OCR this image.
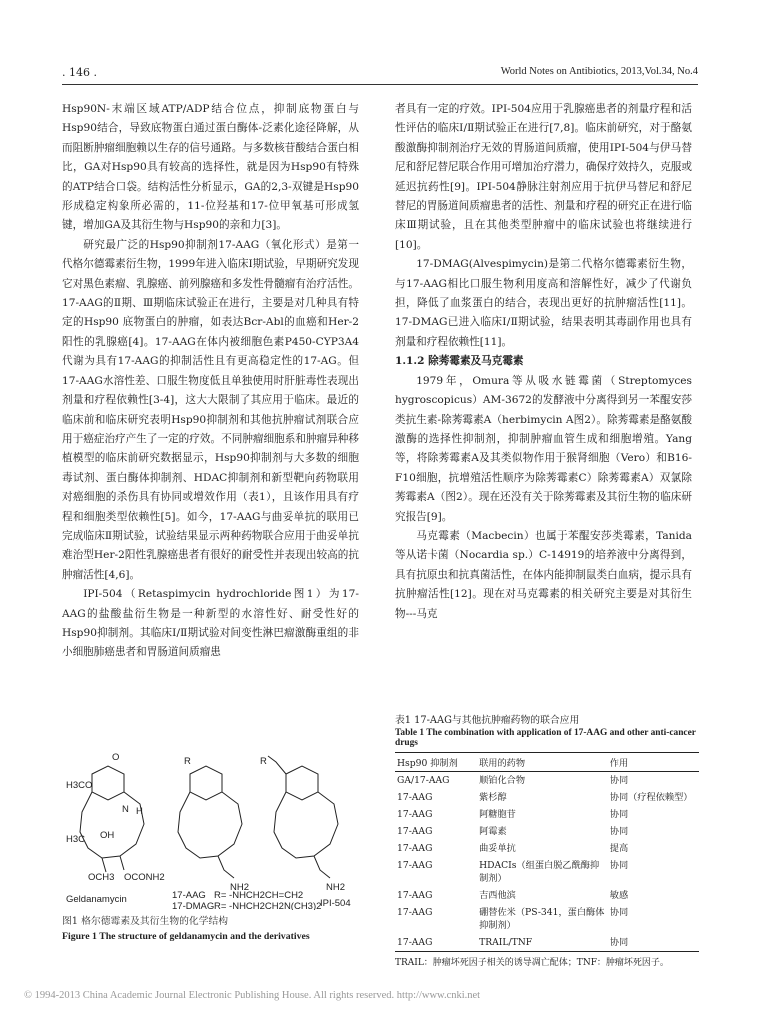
. 146 .	World Notes on Antibiotics, 2013,Vol.34, No.4

Hsp90N-末端区域ATP/ADP结合位点，抑制底物蛋白与Hsp90结合，导致底物蛋白通过蛋白酶体-泛素化途径降解，从而阻断肿瘤细胞赖以生存的信号通路。与多数核苷酸结合蛋白相比，GA对Hsp90具有较高的选择性，就是因为Hsp90有特殊的ATP结合口袋。结构活性分析显示，GA的2,3-双键是Hsp90形成稳定构象所必需的，11-位羟基和17-位甲氧基可形成氢键，增加GA及其衍生物与Hsp90的亲和力[3]。

研究最广泛的Hsp90抑制剂17-AAG（氧化形式）是第一代格尔德霉素衍生物，1999年进入临床I期试验，早期研究发现它对黑色素瘤、乳腺癌、前列腺癌和多发性骨髓瘤有治疗活性。17-AAG的Ⅱ期、Ⅲ期临床试验正在进行，主要是对几种具有特定的Hsp90 底物蛋白的肿瘤，如表达Bcr-Abl的血癌和Her-2阳性的乳腺癌[4]。17-AAG在体内被细胞色素P450-CYP3A4代谢为具有17-AAG的抑制活性且有更高稳定性的17-AG。但17-AAG水溶性差、口服生物度低且单独使用时肝脏毒性表现出剂量和疗程依赖性[3-4]，这大大限制了其应用于临床。最近的临床前和临床研究表明Hsp90抑制剂和其他抗肿瘤试剂联合应用于癌症治疗产生了一定的疗效。不同肿瘤细胞系和肿瘤异种移植模型的临床前研究数据显示，Hsp90抑制剂与大多数的细胞毒试剂、蛋白酶体抑制剂、HDAC抑制剂和新型靶向药物联用对癌细胞的杀伤具有协同或增效作用（表1），且该作用具有疗程和细胞类型依赖性[5]。如今，17-AAG与曲妥单抗的联用已完成临床Ⅱ期试验，试验结果显示两种药物联合应用于曲妥单抗难治型Her-2阳性乳腺癌患者有很好的耐受性并表现出较高的抗肿瘤活性[4,6]。

IPI-504（Retaspimycin hydrochloride图1）为17-AAG的盐酸盐衍生物是一种新型的水溶性好、耐受性好的Hsp90抑制剂。其临床Ⅰ/Ⅱ期试验对间变性淋巴瘤激酶重组的非小细胞肺癌患者和胃肠道间质瘤患

者具有一定的疗效。IPI-504应用于乳腺癌患者的剂量疗程和活性评估的临床Ⅰ/Ⅱ期试验正在进行[7,8]。临床前研究，对于酪氨酸激酶抑制剂治疗无效的胃肠道间质瘤，使用IPI-504与伊马替尼和舒尼替尼联合作用可增加治疗潜力，确保疗效持久，克服或延迟抗药性[9]。IPI-504静脉注射剂应用于抗伊马替尼和舒尼替尼的胃肠道间质瘤患者的活性、剂量和疗程的研究正在进行临床Ⅲ期试验，且在其他类型肿瘤中的临床试验也将继续进行[10]。

17-DMAG(Alvespimycin)是第二代格尔德霉素衍生物，与17-AAG相比口服生物利用度高和溶解性好，减少了代谢负担，降低了血浆蛋白的结合，表现出更好的抗肿瘤活性[11]。17-DMAG已进入临床Ⅰ/Ⅱ期试验，结果表明其毒副作用也具有剂量和疗程依赖性[11]。

1.1.2 除莠霉素及马克霉素

1979年，Omura等从吸水链霉菌（Streptomyces hygroscopicus）AM-3672的发酵液中分离得到另一苯醌安莎类抗生素-除莠霉素A（herbimycin A图2）。除莠霉素是酪氨酸激酶的选择性抑制剂，抑制肿瘤血管生成和细胞增殖。Yang等，将除莠霉素A及其类似物作用于猴肾细胞（Vero）和B16-F10细胞，抗增殖活性顺序为除莠霉素C）除莠霉素A）双氯除莠霉素A（图2）。现在还没有关于除莠霉素及其衍生物的临床研究报告[9]。

马克霉素（Macbecin）也属于苯醌安莎类霉素，Tanida等从诺卡菌（Nocardia sp.）C-14919的培养液中分离得到，具有抗原虫和抗真菌活性，在体内能抑制鼠类白血病，提示具有抗肿瘤活性[12]。现在对马克霉素的相关研究主要是对其衍生物---马克

O
H3CO
H3C
N H
OH
OCH3 OCONH2
R
NH2
R
NH2
Geldanamycin	17-AAG R= -NHCH2CH=CH2
17-DMAG R= -NHCH2CH2N(CH3)2
IPI-504
图1 格尔德霉素及其衍生物的化学结构
Figure 1 The structure of geldanamycin and the derivatives
表1 17-AAG与其他抗肿瘤药物的联合应用
Table 1 The combination with application of 17-AAG and other anti-cancer drugs
Hsp90 抑制剂	联用的药物	作用
GA/17-AAG	顺铂化合物	协同
17-AAG	紫杉醇	协同（疗程依赖型）
17-AAG	阿糖胞苷	协同
17-AAG	阿霉素	协同
17-AAG	曲妥单抗	提高
17-AAG	HDACIs（组蛋白脱乙酰酶抑制剂）	协同
17-AAG	吉西他滨	敏感
17-AAG	硼替佐米（PS-341，蛋白酶体抑制剂）	协同
17-AAG	TRAIL/TNF	协同
TRAIL：肿瘤坏死因子相关的诱导凋亡配体；TNF：肿瘤坏死因子。
© 1994-2013 China Academic Journal Electronic Publishing House. All rights reserved. http://www.cnki.net
